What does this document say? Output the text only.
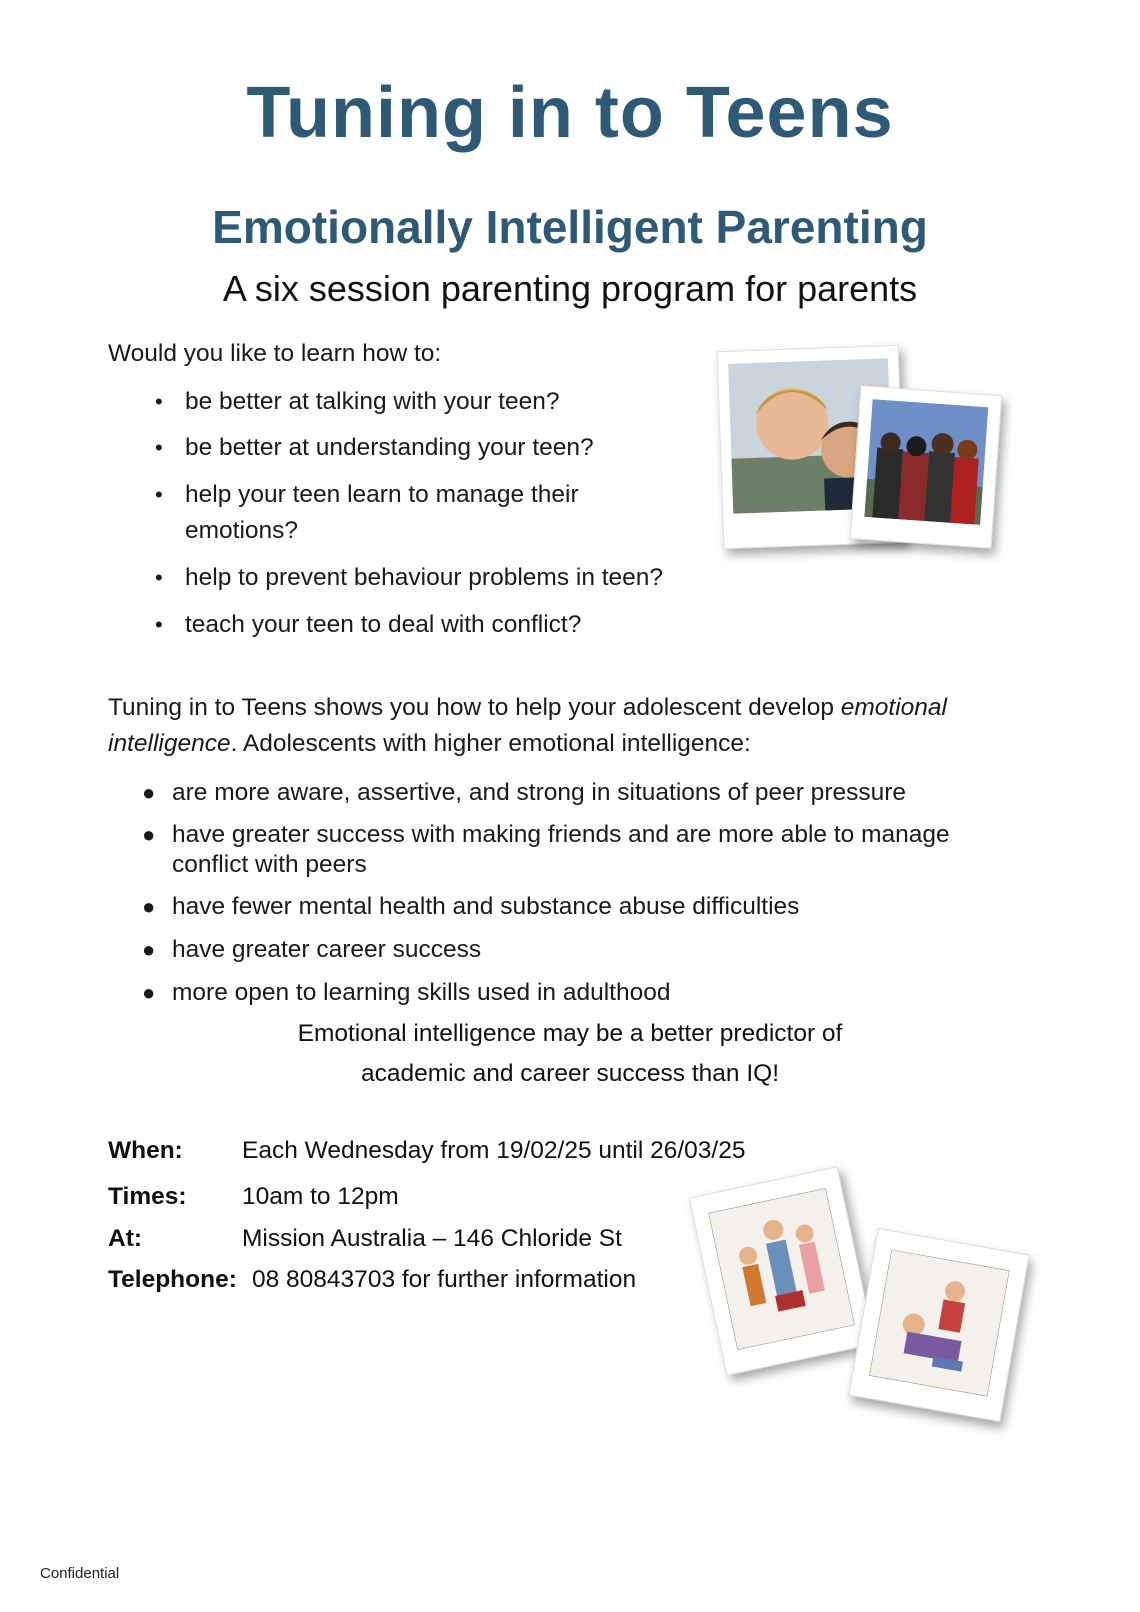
Tuning in to Teens
Emotionally Intelligent Parenting
A six session parenting program for parents
Would you like to learn how to:
• be better at talking with your teen?
• be better at understanding your teen?
• help your teen learn to manage their
emotions?
• help to prevent behaviour problems in teen?
• teach your teen to deal with conflict?
Tuning in to Teens shows you how to help your adolescent develop emotional
intelligence. Adolescents with higher emotional intelligence:
● are more aware, assertive, and strong in situations of peer pressure
● have greater success with making friends and are more able to manage
conflict with peers
● have fewer mental health and substance abuse difficulties
● have greater career success
● more open to learning skills used in adulthood
Emotional intelligence may be a better predictor of
academic and career success than IQ!
When: Each Wednesday from 19/02/25 until 26/03/25
Times: 10am to 12pm
At:	Mission Australia – 146 Chloride St
Telephone: 08 80843703 for further information
Confidential
